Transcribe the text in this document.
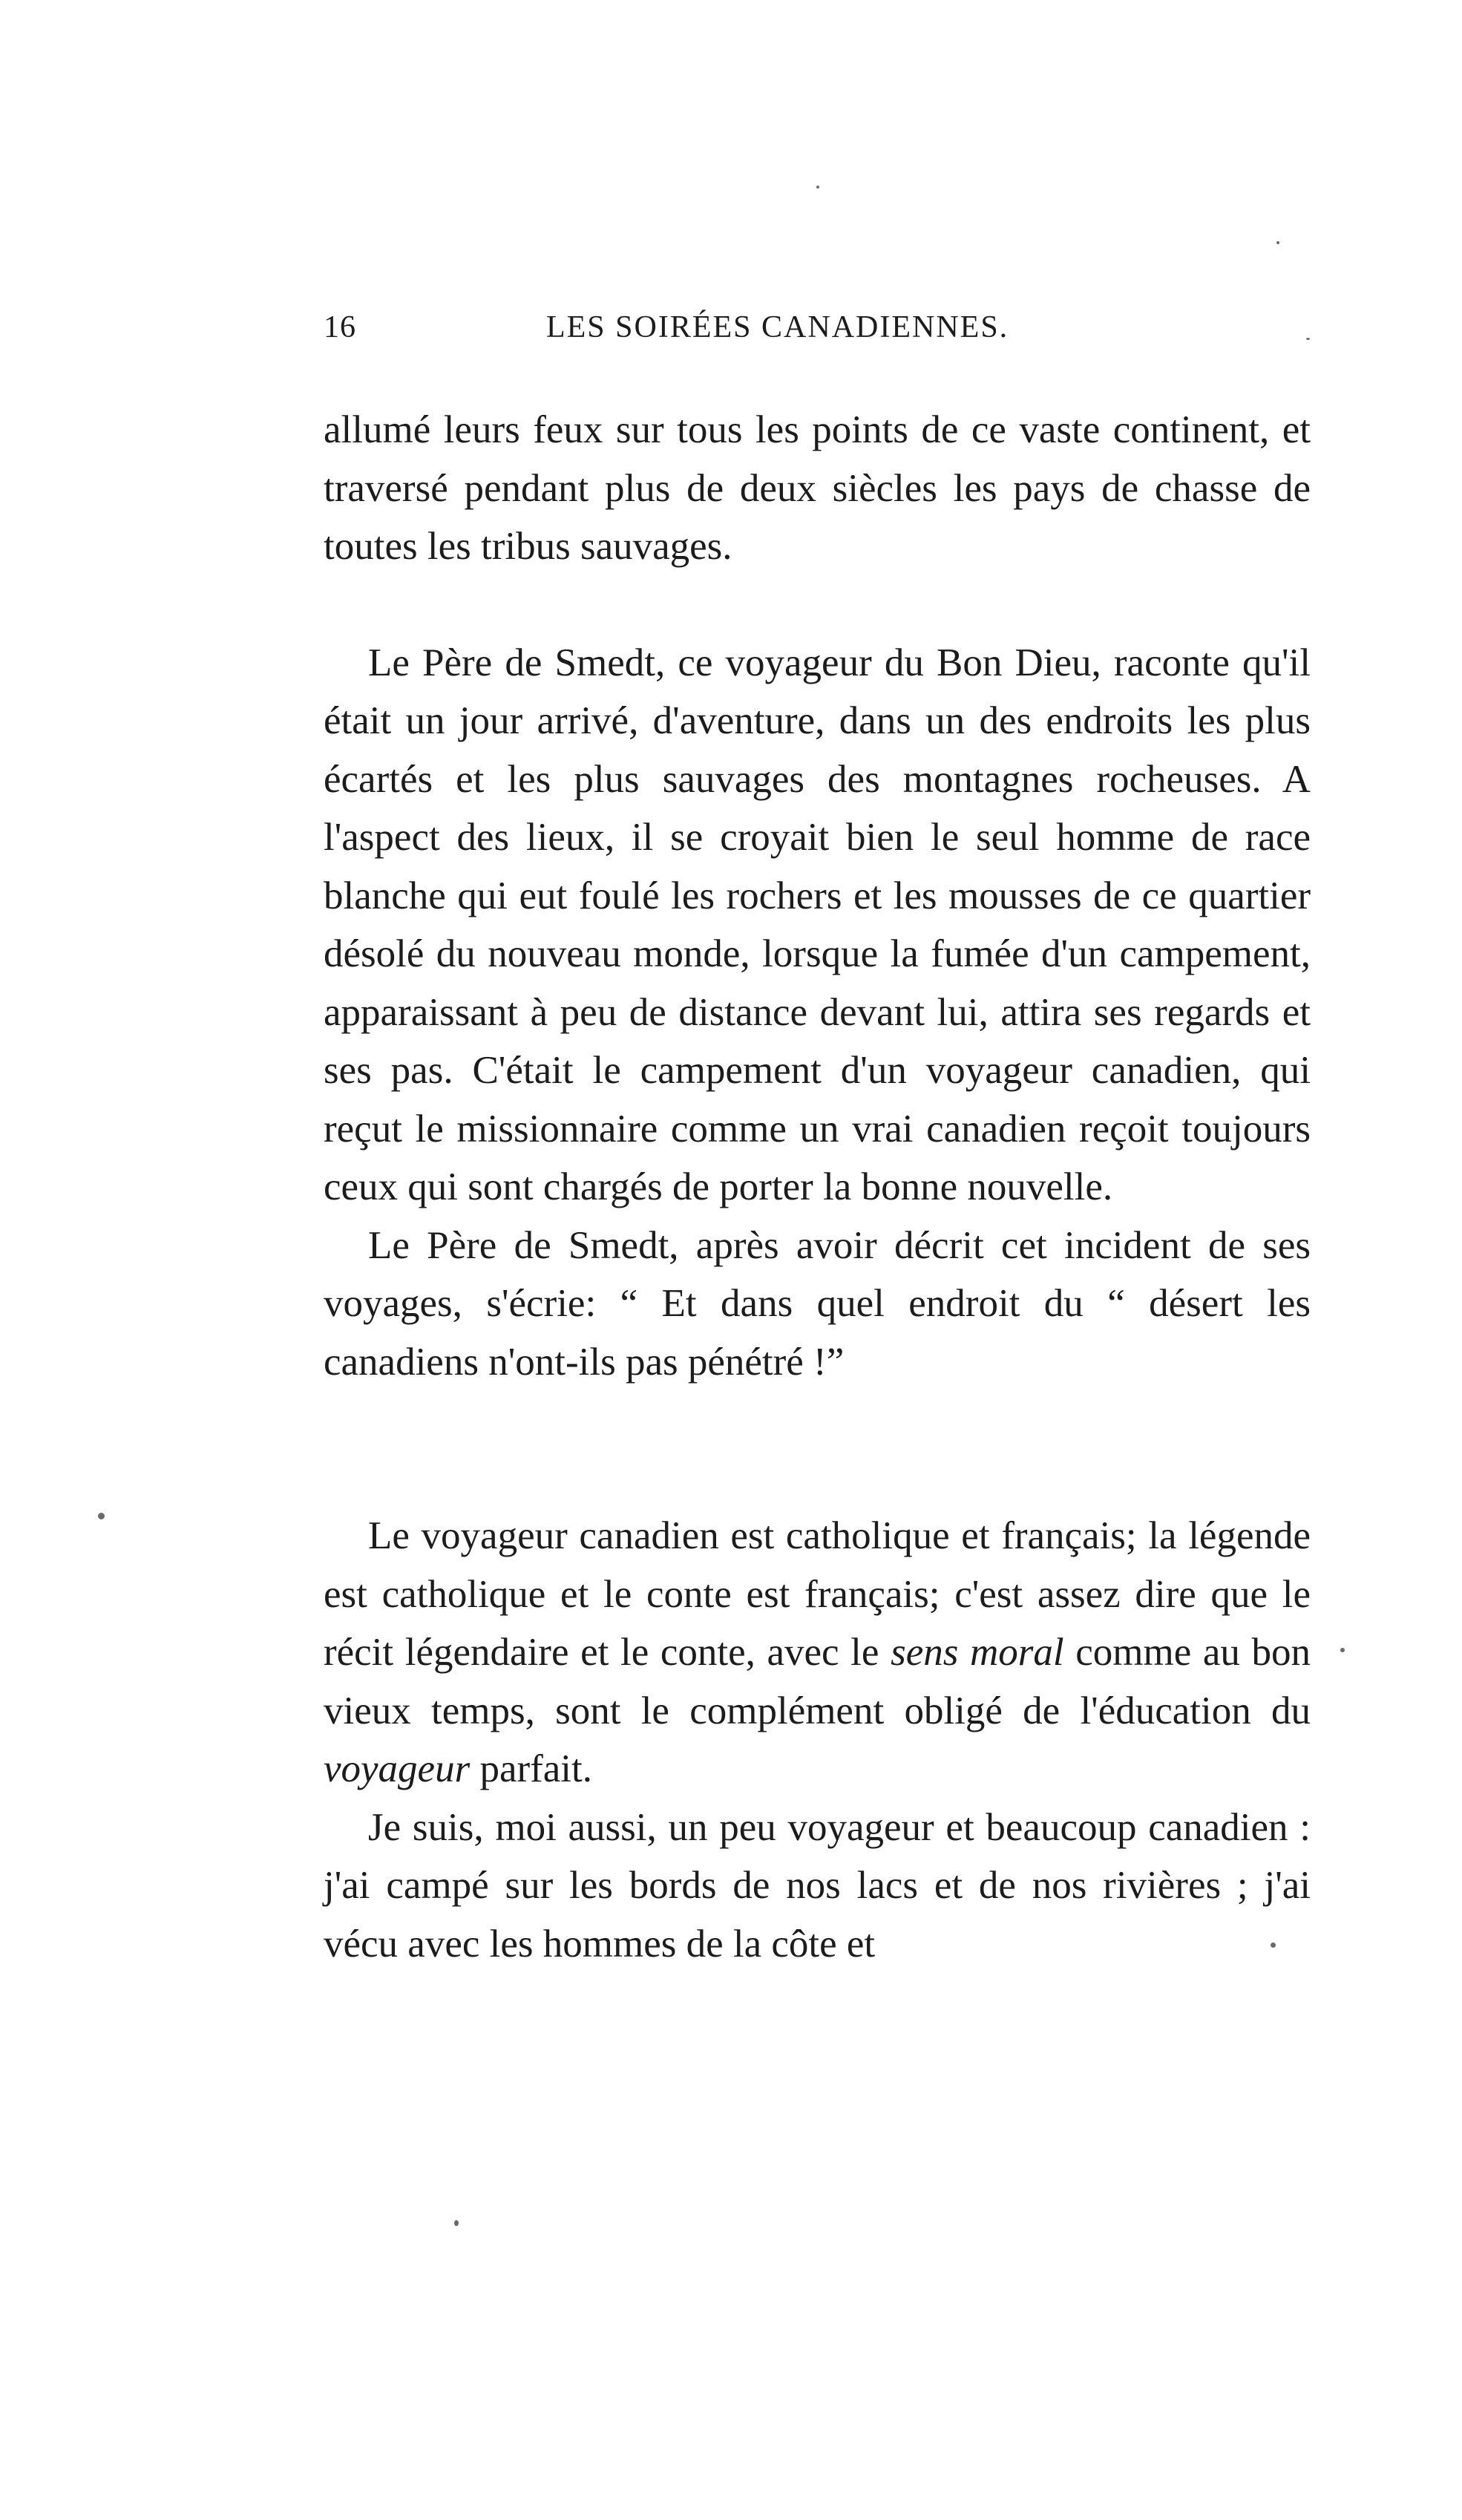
16	LES SOIRÉES CANADIENNES.

allumé leurs feux sur tous les points de ce vaste continent, et traversé pendant plus de deux siècles les pays de chasse de toutes les tribus sauvages.

Le Père de Smedt, ce voyageur du Bon Dieu, raconte qu'il était un jour arrivé, d'aventure, dans un des endroits les plus écartés et les plus sauvages des montagnes rocheuses. A l'aspect des lieux, il se croyait bien le seul homme de race blanche qui eut foulé les rochers et les mousses de ce quartier désolé du nouveau monde, lorsque la fumée d'un campement, apparaissant à peu de distance devant lui, attira ses regards et ses pas. C'était le campement d'un voyageur canadien, qui reçut le missionnaire comme un vrai canadien reçoit toujours ceux qui sont chargés de porter la bonne nouvelle.

Le Père de Smedt, après avoir décrit cet incident de ses voyages, s'écrie: “ Et dans quel endroit du “ désert les canadiens n'ont-ils pas pénétré !”

Le voyageur canadien est catholique et français; la légende est catholique et le conte est français; c'est assez dire que le récit légendaire et le conte, avec le sens moral comme au bon vieux temps, sont le complément obligé de l'éducation du voyageur parfait.

Je suis, moi aussi, un peu voyageur et beaucoup canadien : j'ai campé sur les bords de nos lacs et de nos rivières ; j'ai vécu avec les hommes de la côte et
